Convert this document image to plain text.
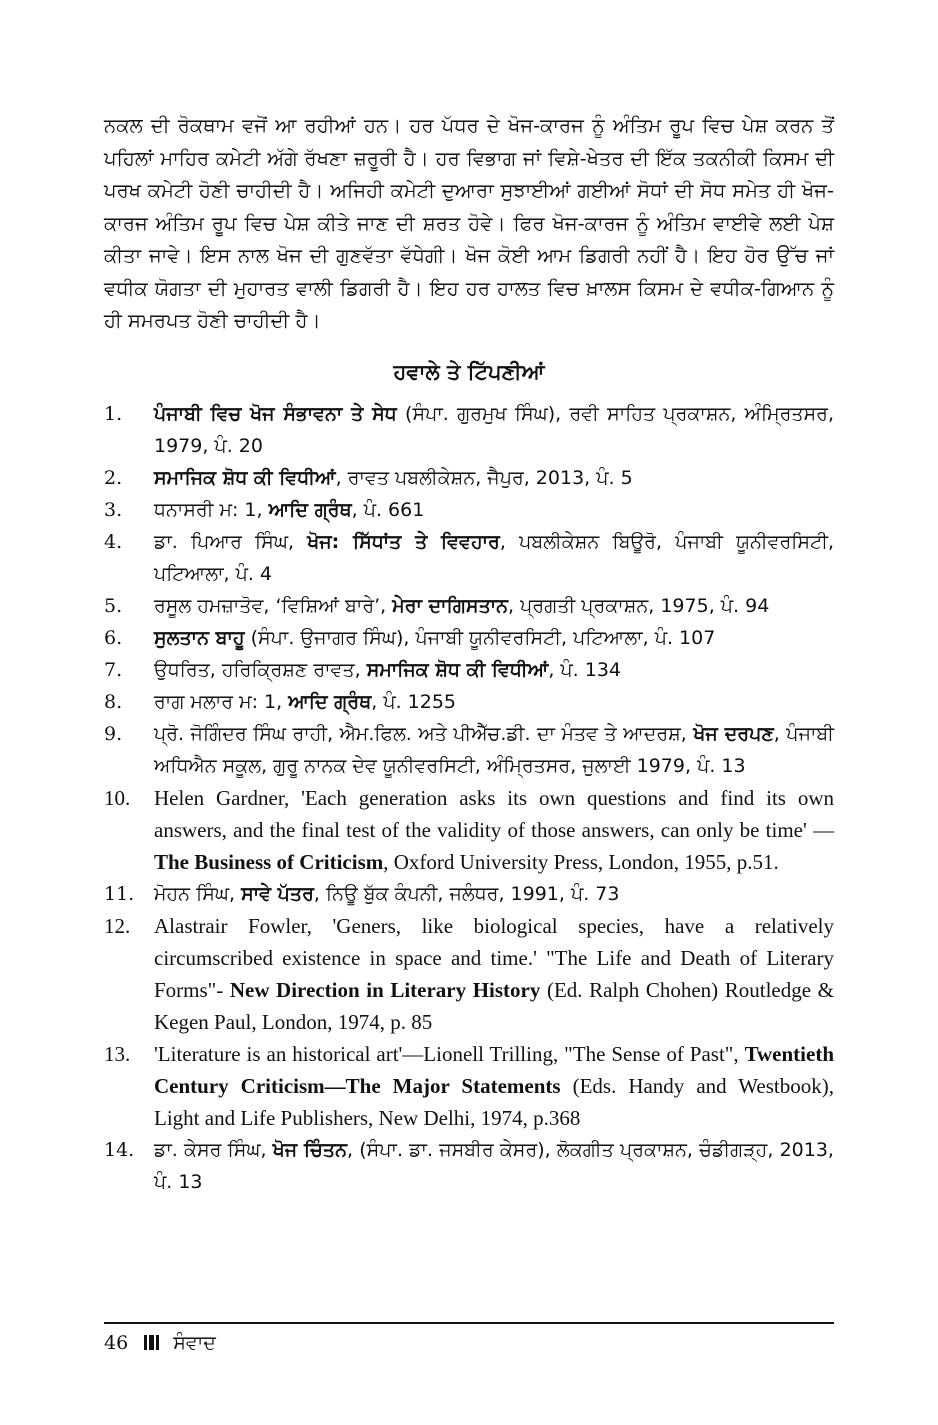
ਨਕਲ ਦੀ ਰੋਕਥਾਮ ਵਜੋਂ ਆ ਰਹੀਆਂ ਹਨ। ਹਰ ਪੱਧਰ ਦੇ ਖੋਜ-ਕਾਰਜ ਨੂੰ ਅੰਤਿਮ ਰੂਪ ਵਿਚ ਪੇਸ਼ ਕਰਨ ਤੋਂ ਪਹਿਲਾਂ ਮਾਹਿਰ ਕਮੇਟੀ ਅੱਗੇ ਰੱਖਣਾ ਜ਼ਰੂਰੀ ਹੈ। ਹਰ ਵਿਭਾਗ ਜਾਂ ਵਿਸ਼ੇ-ਖੇਤਰ ਦੀ ਇੱਕ ਤਕਨੀਕੀ ਕਿਸਮ ਦੀ ਪਰਖ ਕਮੇਟੀ ਹੋਣੀ ਚਾਹੀਦੀ ਹੈ। ਅਜਿਹੀ ਕਮੇਟੀ ਦੁਆਰਾ ਸੁਝਾਈਆਂ ਗਈਆਂ ਸੋਧਾਂ ਦੀ ਸੋਧ ਸਮੇਤ ਹੀ ਖੋਜ-ਕਾਰਜ ਅੰਤਿਮ ਰੂਪ ਵਿਚ ਪੇਸ਼ ਕੀਤੇ ਜਾਣ ਦੀ ਸ਼ਰਤ ਹੋਵੇ। ਫਿਰ ਖੋਜ-ਕਾਰਜ ਨੂੰ ਅੰਤਿਮ ਵਾਈਵੇ ਲਈ ਪੇਸ਼ ਕੀਤਾ ਜਾਵੇ। ਇਸ ਨਾਲ ਖੋਜ ਦੀ ਗੁਣਵੱਤਾ ਵੱਧੇਗੀ। ਖੋਜ ਕੋਈ ਆਮ ਡਿਗਰੀ ਨਹੀਂ ਹੈ। ਇਹ ਹੋਰ ਉੱਚ ਜਾਂ ਵਧੀਕ ਯੋਗਤਾ ਦੀ ਮੁਹਾਰਤ ਵਾਲੀ ਡਿਗਰੀ ਹੈ। ਇਹ ਹਰ ਹਾਲਤ ਵਿਚ ਖ਼ਾਲਸ ਕਿਸਮ ਦੇ ਵਧੀਕ-ਗਿਆਨ ਨੂੰ ਹੀ ਸਮਰਪਤ ਹੋਣੀ ਚਾਹੀਦੀ ਹੈ।

ਹਵਾਲੇ ਤੇ ਟਿੱਪਣੀਆਂ
1.	ਪੰਜਾਬੀ ਵਿਚ ਖੋਜ ਸੰਭਾਵਨਾ ਤੇ ਸੇਧ (ਸੰਪਾ. ਗੁਰਮੁਖ ਸਿੰਘ), ਰਵੀ ਸਾਹਿਤ ਪ੍ਰਕਾਸ਼ਨ, ਅੰਮ੍ਰਿਤਸਰ, 1979, ਪੰ. 20
2.	ਸਮਾਜਿਕ ਸ਼ੋਧ ਕੀ ਵਿਧੀਆਂ, ਰਾਵਤ ਪਬਲੀਕੇਸ਼ਨ, ਜੈਪੁਰ, 2013, ਪੰ. 5
3.	ਧਨਾਸਰੀ ਮ: 1, ਆਦਿ ਗ੍ਰੰਥ, ਪੰ. 661
4.	ਡਾ. ਪਿਆਰ ਸਿੰਘ, ਖੋਜ: ਸਿੱਧਾਂਤ ਤੇ ਵਿਵਹਾਰ, ਪਬਲੀਕੇਸ਼ਨ ਬਿਊਰੋ, ਪੰਜਾਬੀ ਯੂਨੀਵਰਸਿਟੀ, ਪਟਿਆਲਾ, ਪੰ. 4
5.	ਰਸੂਲ ਹਮਜ਼ਾਤੋਵ, ‘ਵਿਸ਼ਿਆਂ ਬਾਰੇ’, ਮੇਰਾ ਦਾਗਿਸਤਾਨ, ਪ੍ਰਗਤੀ ਪ੍ਰਕਾਸ਼ਨ, 1975, ਪੰ. 94
6.	ਸੁਲਤਾਨ ਬਾਹੂ (ਸੰਪਾ. ਉਜਾਗਰ ਸਿੰਘ), ਪੰਜਾਬੀ ਯੂਨੀਵਰਸਿਟੀ, ਪਟਿਆਲਾ, ਪੰ. 107
7.	ਉਧਰਿਤ, ਹਰਿਕ੍ਰਿਸ਼ਣ ਰਾਵਤ, ਸਮਾਜਿਕ ਸ਼ੋਧ ਕੀ ਵਿਧੀਆਂ, ਪੰ. 134
8.	ਰਾਗ ਮਲਾਰ ਮ: 1, ਆਦਿ ਗ੍ਰੰਥ, ਪੰ. 1255
9.	ਪ੍ਰੋ. ਜੋਗਿੰਦਰ ਸਿੰਘ ਰਾਹੀ, ਐਮ.ਫਿਲ. ਅਤੇ ਪੀਐੱਚ.ਡੀ. ਦਾ ਮੰਤਵ ਤੇ ਆਦਰਸ਼, ਖੋਜ ਦਰਪਣ, ਪੰਜਾਬੀ ਅਧਿਐਨ ਸਕੂਲ, ਗੁਰੂ ਨਾਨਕ ਦੇਵ ਯੂਨੀਵਰਸਿਟੀ, ਅੰਮ੍ਰਿਤਸਰ, ਜੁਲਾਈ 1979, ਪੰ. 13
10.	Helen Gardner, 'Each generation asks its own questions and find its own answers, and the final test of the validity of those answers, can only be time' —The Business of Criticism, Oxford University Press, London, 1955, p.51.
11.	ਮੋਹਨ ਸਿੰਘ, ਸਾਵੇ ਪੱਤਰ, ਨਿਊ ਬੁੱਕ ਕੰਪਨੀ, ਜਲੰਧਰ, 1991, ਪੰ. 73
12.	Alastrair Fowler, 'Geners, like biological species, have a relatively circumscribed existence in space and time.' "The Life and Death of Literary Forms"- New Direction in Literary History (Ed. Ralph Chohen) Routledge & Kegen Paul, London, 1974, p. 85
13.	'Literature is an historical art'—Lionell Trilling, "The Sense of Past", Twentieth Century Criticism—The Major Statements (Eds. Handy and Westbook), Light and Life Publishers, New Delhi, 1974, p.368
14.	ਡਾ. ਕੇਸਰ ਸਿੰਘ, ਖੋਜ ਚਿੰਤਨ, (ਸੰਪਾ. ਡਾ. ਜਸਬੀਰ ਕੇਸਰ), ਲੋਕਗੀਤ ਪ੍ਰਕਾਸ਼ਨ, ਚੰਡੀਗੜ੍ਹ, 2013, ਪੰ. 13
46 ਸੰਵਾਦ
